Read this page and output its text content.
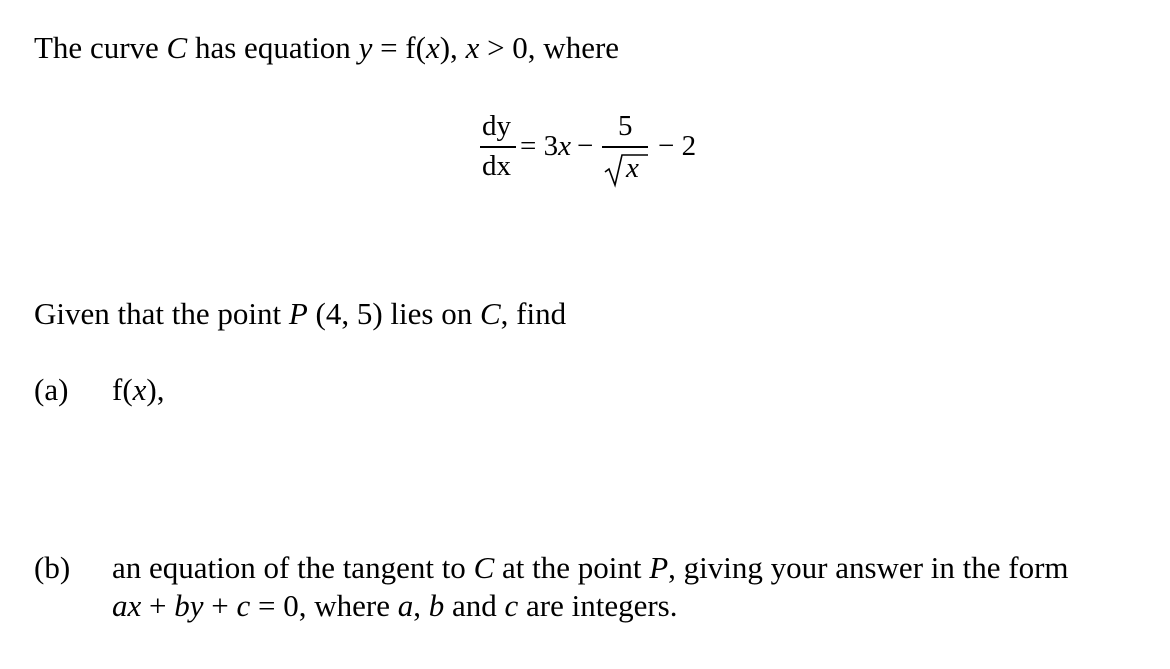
The curve C has equation y = f(x), x > 0, where
dy
dx
= 3x −
5
x
− 2
Given that the point P (4, 5) lies on C, find
(a) f(x),
(b) an equation of the tangent to C at the point P, giving your answer in the form
ax + by + c = 0, where a, b and c are integers.
